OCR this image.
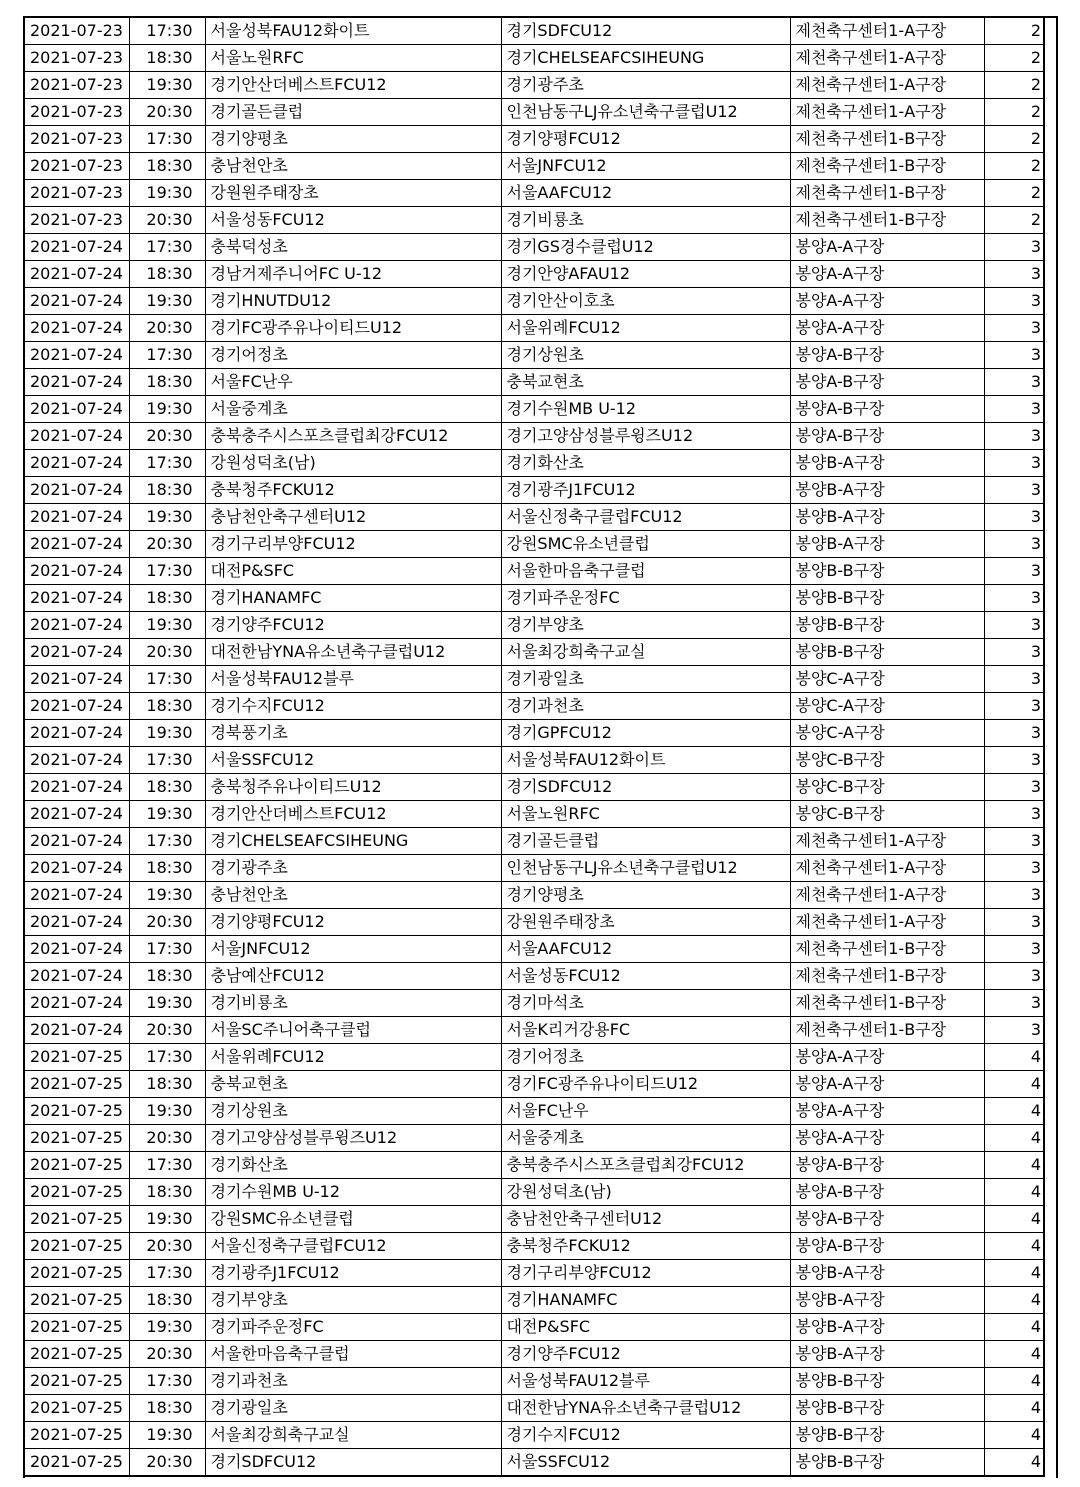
2021-07-23	17:30	서울성북FAU12화이트	경기SDFCU12	제천축구센터1-A구장	2
2021-07-23	18:30	서울노원RFC	경기CHELSEAFCSIHEUNG	제천축구센터1-A구장	2
2021-07-23	19:30	경기안산더베스트FCU12	경기광주초	제천축구센터1-A구장	2
2021-07-23	20:30	경기골든클럽	인천남동구LJ유소년축구클럽U12	제천축구센터1-A구장	2
2021-07-23	17:30	경기양평초	경기양평FCU12	제천축구센터1-B구장	2
2021-07-23	18:30	충남천안초	서울JNFCU12	제천축구센터1-B구장	2
2021-07-23	19:30	강원원주태장초	서울AAFCU12	제천축구센터1-B구장	2
2021-07-23	20:30	서울성동FCU12	경기비룡초	제천축구센터1-B구장	2
2021-07-24	17:30	충북덕성초	경기GS경수클럽U12	봉양A-A구장	3
2021-07-24	18:30	경남거제주니어FC U-12	경기안양AFAU12	봉양A-A구장	3
2021-07-24	19:30	경기HNUTDU12	경기안산이호초	봉양A-A구장	3
2021-07-24	20:30	경기FC광주유나이티드U12	서울위례FCU12	봉양A-A구장	3
2021-07-24	17:30	경기어정초	경기상원초	봉양A-B구장	3
2021-07-24	18:30	서울FC난우	충북교현초	봉양A-B구장	3
2021-07-24	19:30	서울중계초	경기수원MB U-12	봉양A-B구장	3
2021-07-24	20:30	충북충주시스포츠클럽최강FCU12	경기고양삼성블루윙즈U12	봉양A-B구장	3
2021-07-24	17:30	강원성덕초(남)	경기화산초	봉양B-A구장	3
2021-07-24	18:30	충북청주FCKU12	경기광주J1FCU12	봉양B-A구장	3
2021-07-24	19:30	충남천안축구센터U12	서울신정축구클럽FCU12	봉양B-A구장	3
2021-07-24	20:30	경기구리부양FCU12	강원SMC유소년클럽	봉양B-A구장	3
2021-07-24	17:30	대전P&SFC	서울한마음축구클럽	봉양B-B구장	3
2021-07-24	18:30	경기HANAMFC	경기파주운정FC	봉양B-B구장	3
2021-07-24	19:30	경기양주FCU12	경기부양초	봉양B-B구장	3
2021-07-24	20:30	대전한남YNA유소년축구클럽U12	서울최강희축구교실	봉양B-B구장	3
2021-07-24	17:30	서울성북FAU12블루	경기광일초	봉양C-A구장	3
2021-07-24	18:30	경기수지FCU12	경기과천초	봉양C-A구장	3
2021-07-24	19:30	경북풍기초	경기GPFCU12	봉양C-A구장	3
2021-07-24	17:30	서울SSFCU12	서울성북FAU12화이트	봉양C-B구장	3
2021-07-24	18:30	충북청주유나이티드U12	경기SDFCU12	봉양C-B구장	3
2021-07-24	19:30	경기안산더베스트FCU12	서울노원RFC	봉양C-B구장	3
2021-07-24	17:30	경기CHELSEAFCSIHEUNG	경기골든클럽	제천축구센터1-A구장	3
2021-07-24	18:30	경기광주초	인천남동구LJ유소년축구클럽U12	제천축구센터1-A구장	3
2021-07-24	19:30	충남천안초	경기양평초	제천축구센터1-A구장	3
2021-07-24	20:30	경기양평FCU12	강원원주태장초	제천축구센터1-A구장	3
2021-07-24	17:30	서울JNFCU12	서울AAFCU12	제천축구센터1-B구장	3
2021-07-24	18:30	충남예산FCU12	서울성동FCU12	제천축구센터1-B구장	3
2021-07-24	19:30	경기비룡초	경기마석초	제천축구센터1-B구장	3
2021-07-24	20:30	서울SC주니어축구클럽	서울K리거강용FC	제천축구센터1-B구장	3
2021-07-25	17:30	서울위례FCU12	경기어정초	봉양A-A구장	4
2021-07-25	18:30	충북교현초	경기FC광주유나이티드U12	봉양A-A구장	4
2021-07-25	19:30	경기상원초	서울FC난우	봉양A-A구장	4
2021-07-25	20:30	경기고양삼성블루윙즈U12	서울중계초	봉양A-A구장	4
2021-07-25	17:30	경기화산초	충북충주시스포츠클럽최강FCU12	봉양A-B구장	4
2021-07-25	18:30	경기수원MB U-12	강원성덕초(남)	봉양A-B구장	4
2021-07-25	19:30	강원SMC유소년클럽	충남천안축구센터U12	봉양A-B구장	4
2021-07-25	20:30	서울신정축구클럽FCU12	충북청주FCKU12	봉양A-B구장	4
2021-07-25	17:30	경기광주J1FCU12	경기구리부양FCU12	봉양B-A구장	4
2021-07-25	18:30	경기부양초	경기HANAMFC	봉양B-A구장	4
2021-07-25	19:30	경기파주운정FC	대전P&SFC	봉양B-A구장	4
2021-07-25	20:30	서울한마음축구클럽	경기양주FCU12	봉양B-A구장	4
2021-07-25	17:30	경기과천초	서울성북FAU12블루	봉양B-B구장	4
2021-07-25	18:30	경기광일초	대전한남YNA유소년축구클럽U12	봉양B-B구장	4
2021-07-25	19:30	서울최강희축구교실	경기수지FCU12	봉양B-B구장	4
2021-07-25	20:30	경기SDFCU12	서울SSFCU12	봉양B-B구장	4
